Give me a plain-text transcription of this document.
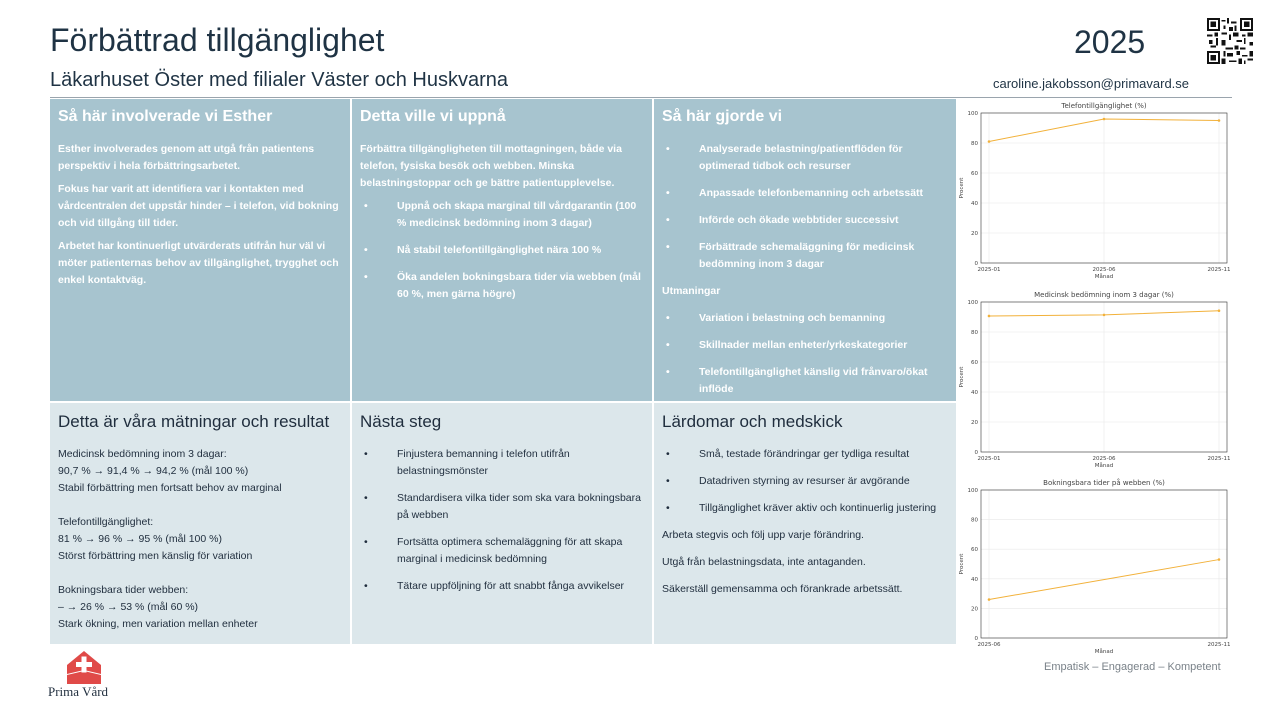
Förbättrad tillgänglighet
Läkarhuset Öster med filialer Väster och Huskvarna
2025
caroline.jakobsson@primavard.se
Så här involverade vi Esther

Esther involverades genom att utgå från patientens perspektiv i hela förbättringsarbetet.

Fokus har varit att identifiera var i kontakten med vårdcentralen det uppstår hinder – i telefon, vid bokning och vid tillgång till tider.

Arbetet har kontinuerligt utvärderats utifrån hur väl vi möter patienternas behov av tillgänglighet, trygghet och enkel kontaktväg.

Detta ville vi uppnå

Förbättra tillgängligheten till mottagningen, både via telefon, fysiska besök och webben. Minska belastningstoppar och ge bättre patientupplevelse.

• Uppnå och skapa marginal till vårdgarantin (100 % medicinsk bedömning inom 3 dagar)
• Nå stabil telefontillgänglighet nära 100 %
• Öka andelen bokningsbara tider via webben (mål 60 %, men gärna högre)
Så här gjorde vi
• Analyserade belastning/patientflöden för optimerad tidbok och resurser
• Anpassade telefonbemanning och arbetssätt
• Införde och ökade webbtider successivt
• Förbättrade schemaläggning för medicinsk bedömning inom 3 dagar

Utmaningar

• Variation i belastning och bemanning
• Skillnader mellan enheter/yrkeskategorier
• Telefontillgänglighet känslig vid frånvaro/ökat inflöde
Detta är våra mätningar och resultat

Medicinsk bedömning inom 3 dagar:

90,7 % → 91,4 % → 94,2 % (mål 100 %)

Stabil förbättring men fortsatt behov av marginal

Telefontillgänglighet:

81 % → 96 % → 95 % (mål 100 %)

Störst förbättring men känslig för variation

Bokningsbara tider webben:

– → 26 % → 53 % (mål 60 %)

Stark ökning, men variation mellan enheter

Nästa steg
• Finjustera bemanning i telefon utifrån belastningsmönster
• Standardisera vilka tider som ska vara bokningsbara på webben
• Fortsätta optimera schemaläggning för att skapa marginal i medicinsk bedömning
• Tätare uppföljning för att snabbt fånga avvikelser
Lärdomar och medskick
• Små, testade förändringar ger tydliga resultat
• Datadriven styrning av resurser är avgörande
• Tillgänglighet kräver aktiv och kontinuerlig justering

Arbeta stegvis och följ upp varje förändring.

Utgå från belastningsdata, inte antaganden.

Säkerställ gemensamma och förankrade arbetssätt.

Telefontillgänglighet (%)
0
20
40
60
80
100
2025-01	2025-06	2025-11
Månad
Procent
Medicinsk bedömning inom 3 dagar (%)
0
20
40
60
80
100
2025-01	2025-06	2025-11
Månad
Procent
Bokningsbara tider på webben (%)
0
20
40
60
80
100
2025-06	2025-11
Månad
Procent
Prima Vård
Empatisk – Engagerad – Kompetent
